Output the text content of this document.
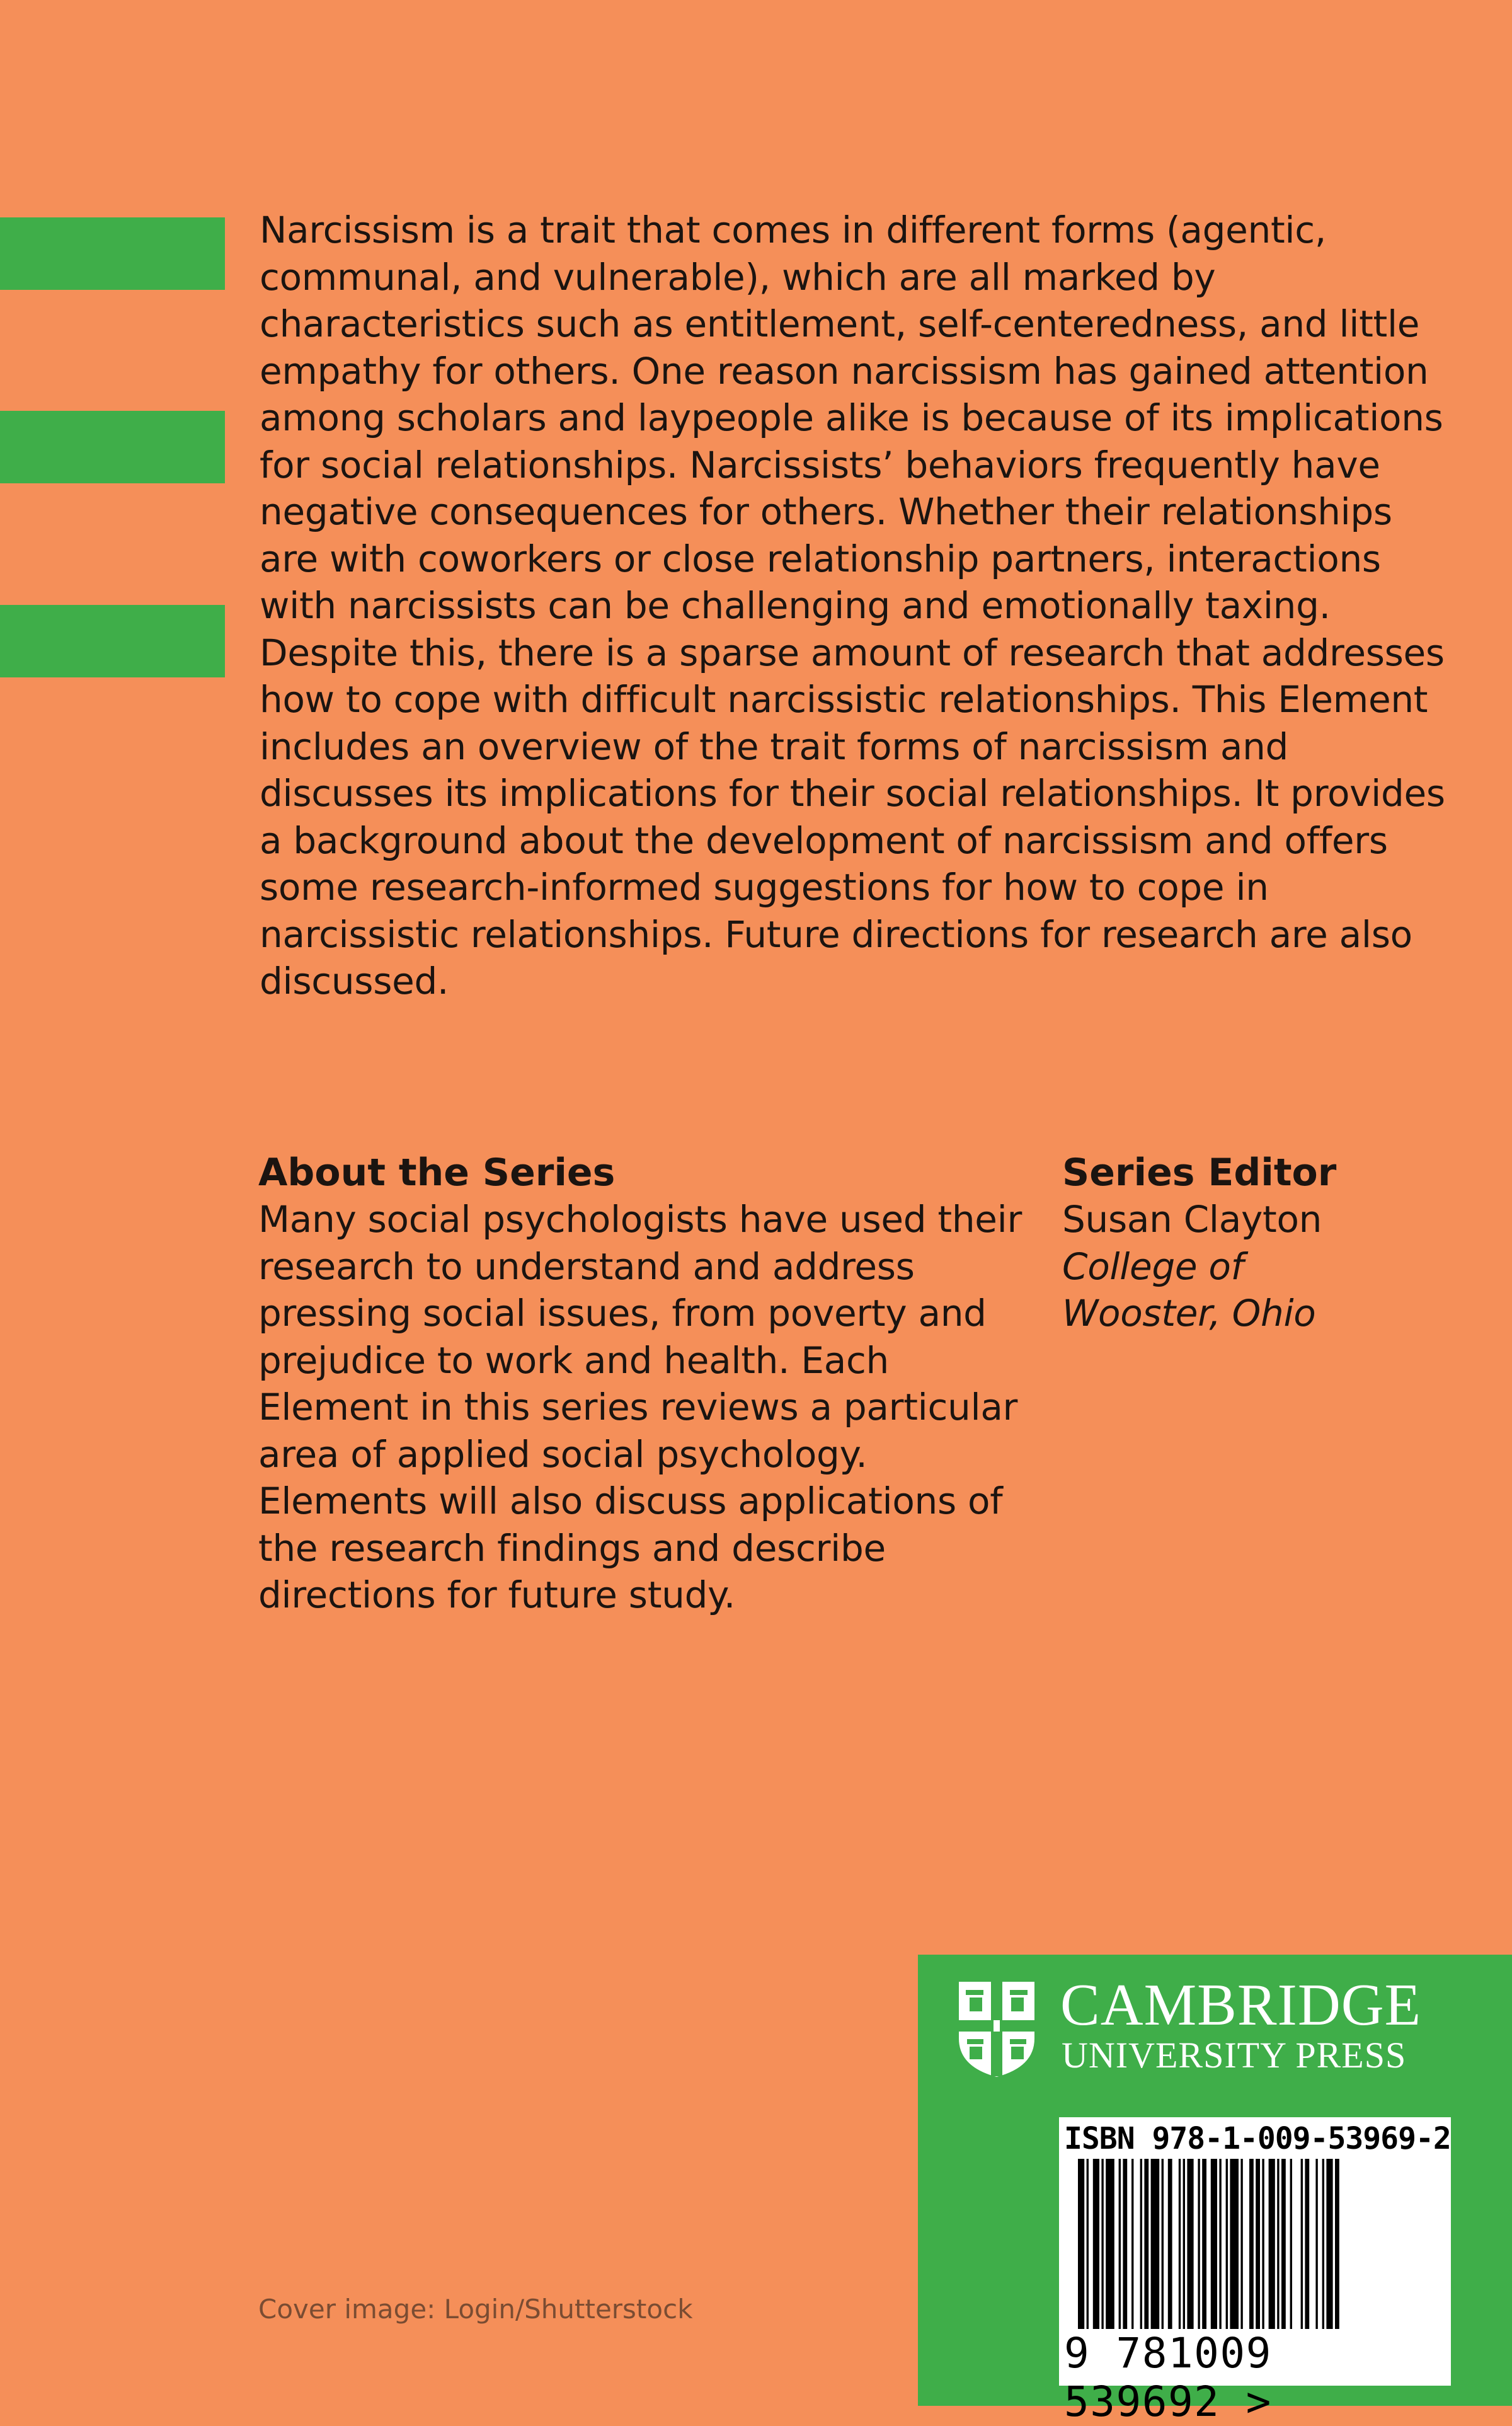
Narcissism is a trait that comes in different forms (agentic, communal, and vulnerable), which are all marked by characteristics such as entitlement, self-centeredness, and little empathy for others. One reason narcissism has gained attention among scholars and laypeople alike is because of its implications for social relationships. Narcissists’ behaviors frequently have negative consequences for others. Whether their relationships are with coworkers or close relationship partners, interactions with narcissists can be challenging and emotionally taxing. Despite this, there is a sparse amount of research that addresses how to cope with difficult narcissistic relationships. This Element includes an overview of the trait forms of narcissism and discusses its implications for their social relationships. It provides a background about the development of narcissism and offers some research-informed suggestions for how to cope in narcissistic relationships. Future directions for research are also discussed.

About the Series

Many social psychologists have used their research to understand and address pressing social issues, from poverty and prejudice to work and health. Each Element in this series reviews a particular area of applied social psychology. Elements will also discuss applications of the research findings and describe directions for future study.

Series Editor

Susan Clayton

College of

Wooster, Ohio

Cover image: Login/Shutterstock

CAMBRIDGE

UNIVERSITY PRESS

ISBN 978-1-009-53969-2

9 781009 539692 >
